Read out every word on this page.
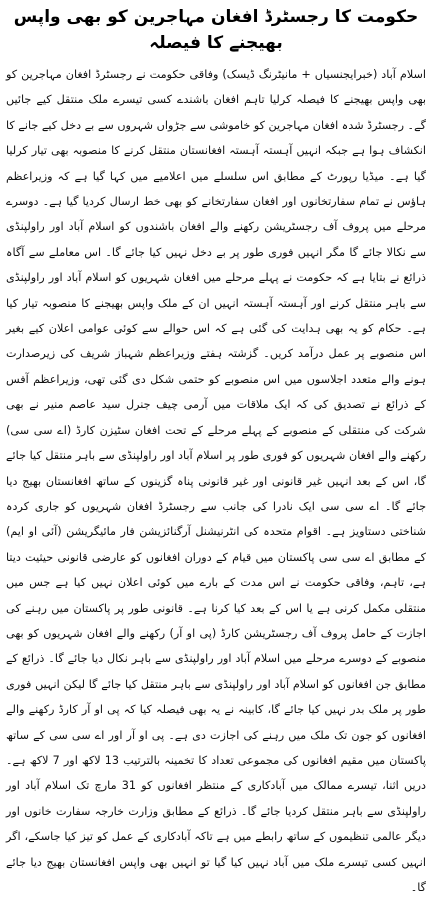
حکومت کا رجسٹرڈ افغان مہاجرین کو بھی واپس بھیجنے کا فیصلہ

اسلام آباد (خبرایجنسیاں + مانیٹرنگ ڈیسک) وفاقی حکومت نے رجسٹرڈ افغان مہاجرین کو بھی واپس بھیجنے کا فیصلہ کرلیا تاہم افغان باشندے کسی تیسرے ملک منتقل کیے جائیں گے۔ رجسٹرڈ شدہ افغان مہاجرین کو خاموشی سے جڑواں شہروں سے بے دخل کیے جانے کا انکشاف ہوا ہے جبکہ انہیں آہستہ آہستہ افغانستان منتقل کرنے کا منصوبہ بھی تیار کرلیا گیا ہے۔ میڈیا رپورٹ کے مطابق اس سلسلے میں اعلامیے میں کہا گیا ہے کہ وزیراعظم ہاؤس نے تمام سفارتخانوں اور افغان سفارتخانے کو بھی خط ارسال کردیا گیا ہے۔ دوسرے مرحلے میں پروف آف رجسٹریشن رکھنے والے افغان باشندوں کو اسلام آباد اور راولپنڈی سے نکالا جائے گا مگر انہیں فوری طور پر بے دخل نہیں کیا جائے گا۔ اس معاملے سے آگاہ ذرائع نے بتایا ہے کہ حکومت نے پہلے مرحلے میں افغان شہریوں کو اسلام آباد اور راولپنڈی سے باہر منتقل کرنے اور آہستہ آہستہ انہیں ان کے ملک واپس بھیجنے کا منصوبہ تیار کیا ہے۔ حکام کو یہ بھی ہدایت کی گئی ہے کہ اس حوالے سے کوئی عوامی اعلان کیے بغیر اس منصوبے پر عمل درآمد کریں۔ گزشتہ ہفتے وزیراعظم شہباز شریف کی زیرصدارت ہونے والے متعدد اجلاسوں میں اس منصوبے کو حتمی شکل دی گئی تھی، وزیراعظم آفس کے ذرائع نے تصدیق کی کہ ایک ملاقات میں آرمی چیف جنرل سید عاصم منیر نے بھی شرکت کی منتقلی کے منصوبے کے پہلے مرحلے کے تحت افغان سٹیزن کارڈ (اے سی سی) رکھنے والے افغان شہریوں کو فوری طور پر اسلام آباد اور راولپنڈی سے باہر منتقل کیا جائے گا، اس کے بعد انہیں غیر قانونی اور غیر قانونی پناہ گزینوں کے ساتھ افغانستان بھیج دیا جائے گا۔ اے سی سی ایک نادرا کی جانب سے رجسٹرڈ افغان شہریوں کو جاری کردہ شناختی دستاویز ہے۔ اقوام متحدہ کی انٹرنیشنل آرگنائزیشن فار مائیگریشن (آئی او ایم) کے مطابق اے سی سی پاکستان میں قیام کے دوران افغانوں کو عارضی قانونی حیثیت دیتا ہے، تاہم، وفاقی حکومت نے اس مدت کے بارے میں کوئی اعلان نہیں کیا ہے جس میں منتقلی مکمل کرنی ہے یا اس کے بعد کیا کرنا ہے۔ قانونی طور پر پاکستان میں رہنے کی اجازت کے حامل پروف آف رجسٹریشن کارڈ (پی او آر) رکھنے والے افغان شہریوں کو بھی منصوبے کے دوسرے مرحلے میں اسلام آباد اور راولپنڈی سے باہر نکال دیا جائے گا۔ ذرائع کے مطابق جن افغانوں کو اسلام آباد اور راولپنڈی سے باہر منتقل کیا جائے گا لیکن انہیں فوری طور پر ملک بدر نہیں کیا جائے گا، کابینہ نے یہ بھی فیصلہ کیا کہ پی او آر کارڈ رکھنے والے افغانوں کو جون تک ملک میں رہنے کی اجازت دی ہے۔ پی او آر اور اے سی سی کے ساتھ پاکستان میں مقیم افغانوں کی مجموعی تعداد کا تخمینہ بالترتیب 13 لاکھ اور 7 لاکھ ہے۔ دریں اثنا، تیسرے ممالک میں آبادکاری کے منتظر افغانوں کو 31 مارچ تک اسلام آباد اور راولپنڈی سے باہر منتقل کردیا جائے گا۔ ذرائع کے مطابق وزارت خارجہ سفارت خانوں اور دیگر عالمی تنظیموں کے ساتھ رابطے میں ہے تاکہ آبادکاری کے عمل کو تیز کیا جاسکے، اگر انہیں کسی تیسرے ملک میں آباد نہیں کیا گیا تو انہیں بھی واپس افغانستان بھیج دیا جائے گا۔
